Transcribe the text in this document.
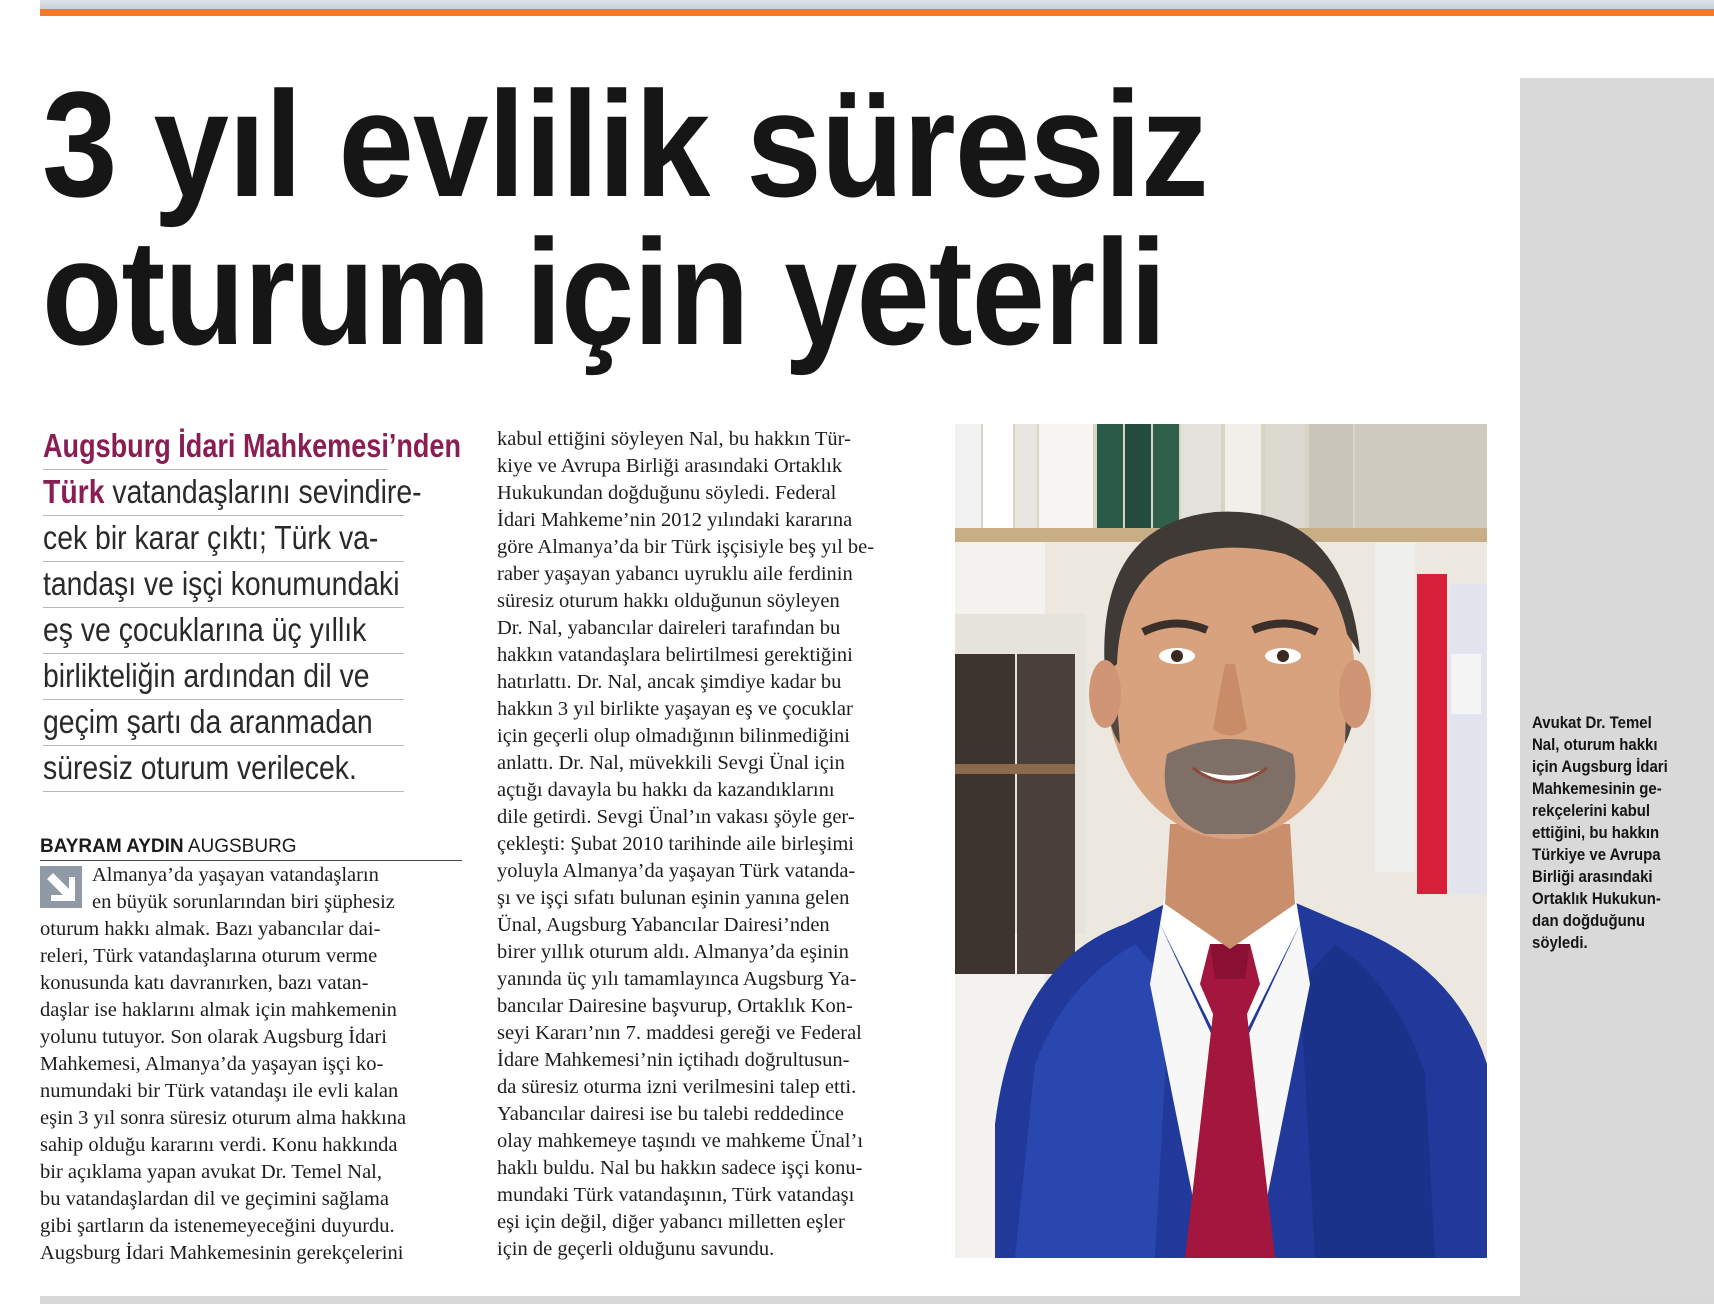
3 yıl evlilik süresiz
oturum için yeterli
Augsburg İdari Mahkemesi’nden
Türk vatandaşlarını sevindire-
cek bir karar çıktı; Türk va-
tandaşı ve işçi konumundaki
eş ve çocuklarına üç yıllık
birlikteliğin ardından dil ve
geçim şartı da aranmadan
süresiz oturum verilecek.
BAYRAM AYDIN AUGSBURG
Almanya’da yaşayan vatandaşların
en büyük sorunlarından biri şüphesiz
oturum hakkı almak. Bazı yabancılar dai-
releri, Türk vatandaşlarına oturum verme
konusunda katı davranırken, bazı vatan-
daşlar ise haklarını almak için mahkemenin
yolunu tutuyor. Son olarak Augsburg İdari
Mahkemesi, Almanya’da yaşayan işçi ko-
numundaki bir Türk vatandaşı ile evli kalan
eşin 3 yıl sonra süresiz oturum alma hakkına
sahip olduğu kararını verdi. Konu hakkında
bir açıklama yapan avukat Dr. Temel Nal,
bu vatandaşlardan dil ve geçimini sağlama
gibi şartların da istenemeyeceğini duyurdu.
Augsburg İdari Mahkemesinin gerekçelerini
kabul ettiğini söyleyen Nal, bu hakkın Tür-
kiye ve Avrupa Birliği arasındaki Ortaklık
Hukukundan doğduğunu söyledi. Federal
İdari Mahkeme’nin 2012 yılındaki kararına
göre Almanya’da bir Türk işçisiyle beş yıl be-
raber yaşayan yabancı uyruklu aile ferdinin
süresiz oturum hakkı olduğunun söyleyen
Dr. Nal, yabancılar daireleri tarafından bu
hakkın vatandaşlara belirtilmesi gerektiğini
hatırlattı. Dr. Nal, ancak şimdiye kadar bu
hakkın 3 yıl birlikte yaşayan eş ve çocuklar
için geçerli olup olmadığının bilinmediğini
anlattı. Dr. Nal, müvekkili Sevgi Ünal için
açtığı davayla bu hakkı da kazandıklarını
dile getirdi. Sevgi Ünal’ın vakası şöyle ger-
çekleşti: Şubat 2010 tarihinde aile birleşimi
yoluyla Almanya’da yaşayan Türk vatanda-
şı ve işçi sıfatı bulunan eşinin yanına gelen
Ünal, Augsburg Yabancılar Dairesi’nden
birer yıllık oturum aldı. Almanya’da eşinin
yanında üç yılı tamamlayınca Augsburg Ya-
bancılar Dairesine başvurup, Ortaklık Kon-
seyi Kararı’nın 7. maddesi gereği ve Federal
İdare Mahkemesi’nin içtihadı doğrultusun-
da süresiz oturma izni verilmesini talep etti.
Yabancılar dairesi ise bu talebi reddedince
olay mahkemeye taşındı ve mahkeme Ünal’ı
haklı buldu. Nal bu hakkın sadece işçi konu-
mundaki Türk vatandaşının, Türk vatandaşı
eşi için değil, diğer yabancı milletten eşler
için de geçerli olduğunu savundu.
Avukat Dr. Temel
Nal, oturum hakkı
için Augsburg İdari
Mahkemesinin ge-
rekçelerini kabul
ettiğini, bu hakkın
Türkiye ve Avrupa
Birliği arasındaki
Ortaklık Hukukun-
dan doğduğunu
söyledi.
